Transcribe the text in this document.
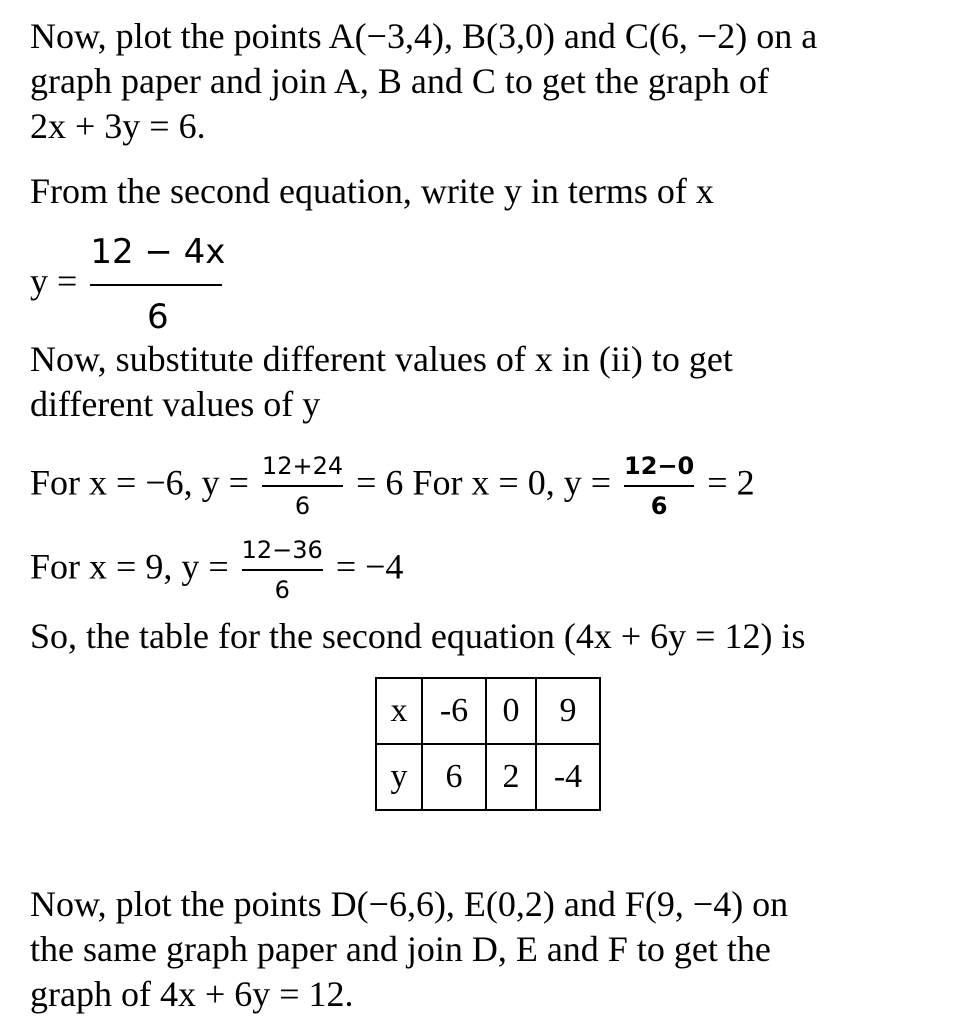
Now, plot the points A(−3,4), B(3,0) and C(6, −2) on a
graph paper and join A, B and C to get the graph of
2x + 3y = 6.

From the second equation, write y in terms of x

$y = \frac{12 - 4x}{6}$

Now, substitute different values of x in (ii) to get
different values of y

For x = −6, $y = \frac{12+24}{6} = 6$ For x = 0, $y = \frac{12-0}{6} = 2$
For x = 9, $y = \frac{12-36}{6} = -4$

So, the table for the second equation (4x + 6y = 12) is

x	-6	0	9
y	6	2	-4

Now, plot the points D(−6,6), E(0,2) and F(9, −4) on
the same graph paper and join D, E and F to get the
graph of 4x + 6y = 12.
